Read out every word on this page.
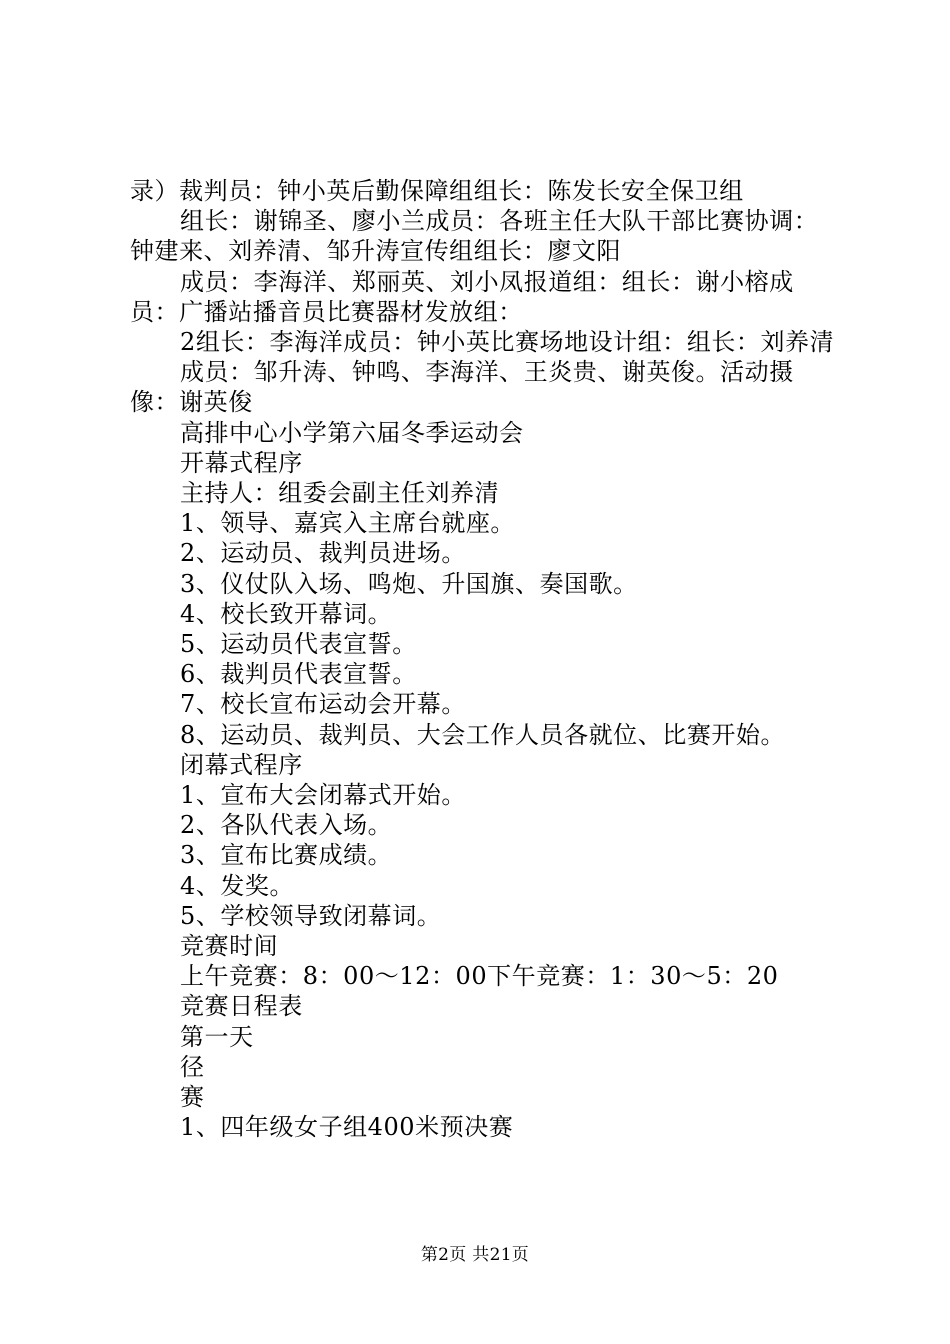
录）裁判员：钟小英后勤保障组组长：陈发长安全保卫组

组长：谢锦圣、廖小兰成员：各班主任大队干部比赛协调：钟建来、刘养清、邹升涛宣传组组长：廖文阳

成员：李海洋、郑丽英、刘小凤报道组：组长：谢小榕成员：广播站播音员比赛器材发放组：

2组长：李海洋成员：钟小英比赛场地设计组：组长：刘养清

成员：邹升涛、钟鸣、李海洋、王炎贵、谢英俊。活动摄像：谢英俊

高排中心小学第六届冬季运动会

开幕式程序

主持人：组委会副主任刘养清

1、领导、嘉宾入主席台就座。

2、运动员、裁判员进场。

3、仪仗队入场、鸣炮、升国旗、奏国歌。

4、校长致开幕词。

5、运动员代表宣誓。

6、裁判员代表宣誓。

7、校长宣布运动会开幕。

8、运动员、裁判员、大会工作人员各就位、比赛开始。

闭幕式程序

1、宣布大会闭幕式开始。

2、各队代表入场。

3、宣布比赛成绩。

4、发奖。

5、学校领导致闭幕词。

竞赛时间

上午竞赛：8：00～12：00下午竞赛：1：30～5：20

竞赛日程表

第一天

径

赛

1、四年级女子组400米预决赛

第2页 共21页
